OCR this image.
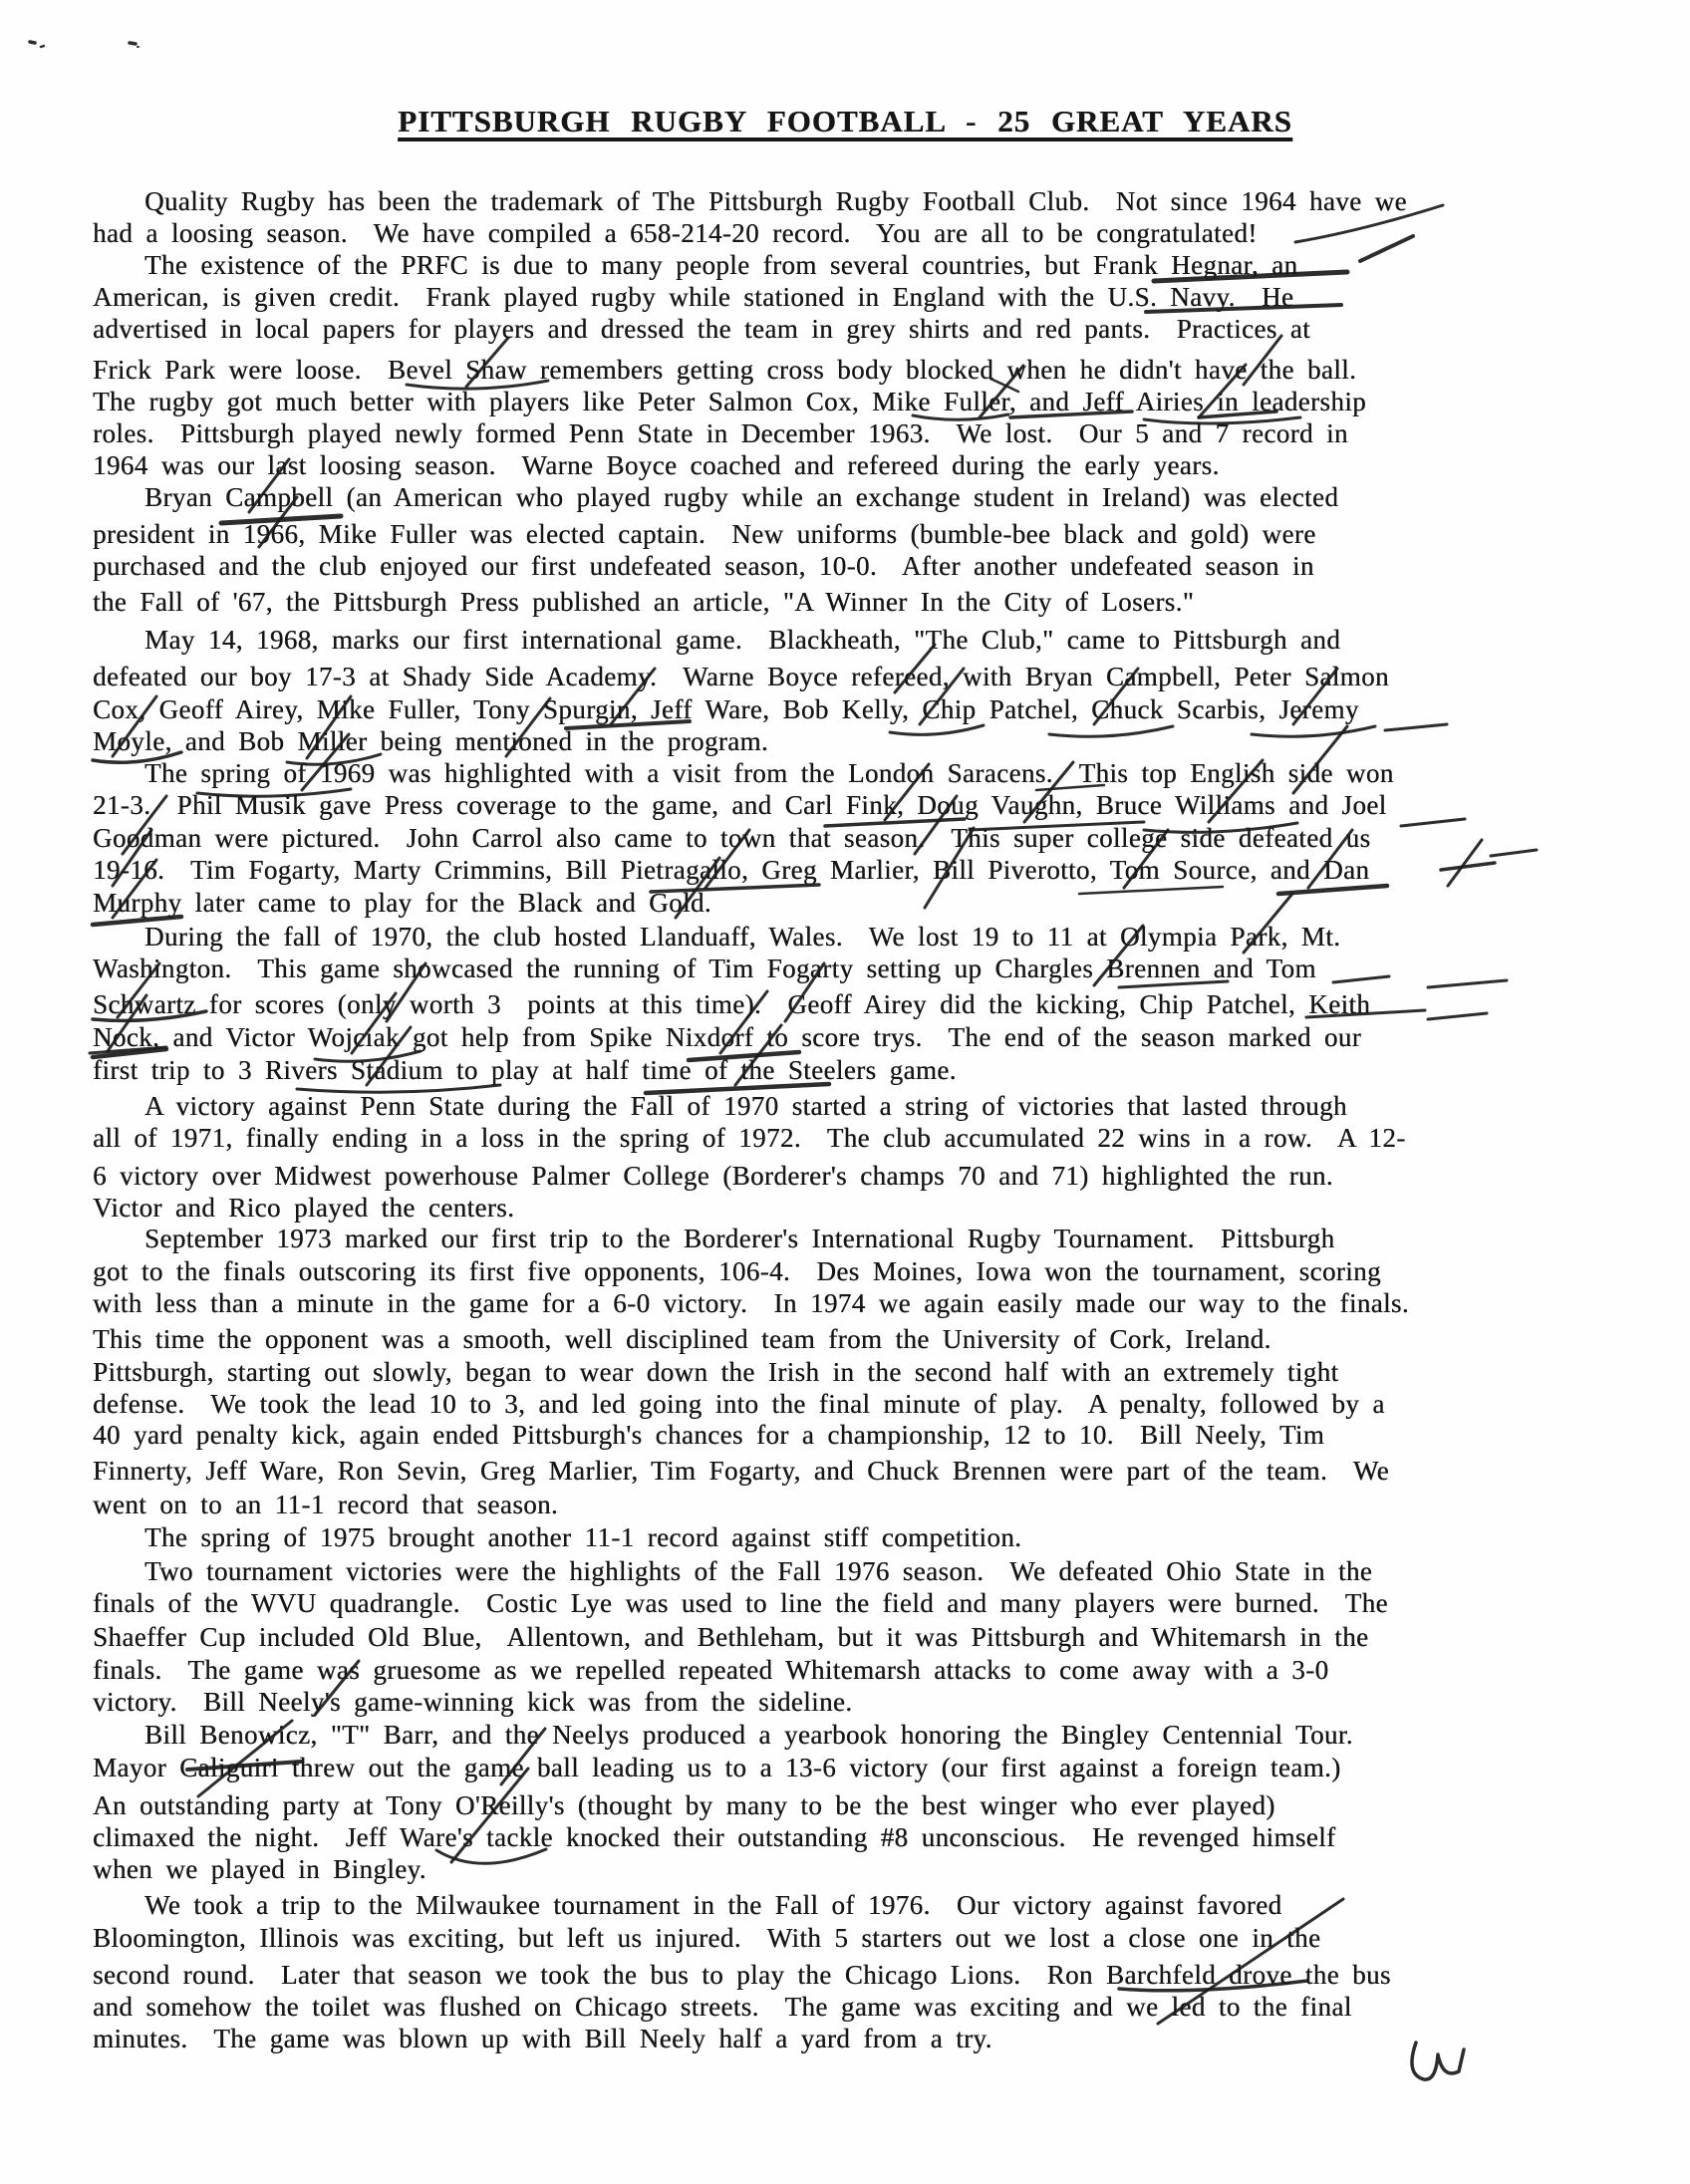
PITTSBURGH RUGBY FOOTBALL - 25 GREAT YEARS
Quality Rugby has been the trademark of The Pittsburgh Rugby Football Club.  Not since 1964 have we
had a loosing season.  We have compiled a 658-214-20 record.  You are all to be congratulated!
The existence of the PRFC is due to many people from several countries, but Frank Hegnar, an
American, is given credit.  Frank played rugby while stationed in England with the U.S. Navy.  He
advertised in local papers for players and dressed the team in grey shirts and red pants.  Practices at
Frick Park were loose.  Bevel Shaw remembers getting cross body blocked when he didn't have the ball.
The rugby got much better with players like Peter Salmon Cox, Mike Fuller, and Jeff Airies in leadership
roles.  Pittsburgh played newly formed Penn State in December 1963.  We lost.  Our 5 and 7 record in
1964 was our last loosing season.  Warne Boyce coached and refereed during the early years.
Bryan Campbell (an American who played rugby while an exchange student in Ireland) was elected
president in 1966, Mike Fuller was elected captain.  New uniforms (bumble-bee black and gold) were
purchased and the club enjoyed our first undefeated season, 10-0.  After another undefeated season in
the Fall of '67, the Pittsburgh Press published an article, "A Winner In the City of Losers."
May 14, 1968, marks our first international game.  Blackheath, "The Club," came to Pittsburgh and
defeated our boy 17-3 at Shady Side Academy.  Warne Boyce refereed, with Bryan Campbell, Peter Salmon
Cox, Geoff Airey, Mike Fuller, Tony Spurgin, Jeff Ware, Bob Kelly, Chip Patchel, Chuck Scarbis, Jeremy
Moyle, and Bob Miller being mentioned in the program.
The spring of 1969 was highlighted with a visit from the London Saracens.  This top English side won
21-3.  Phil Musik gave Press coverage to the game, and Carl Fink, Doug Vaughn, Bruce Williams and Joel
Goodman were pictured.  John Carrol also came to town that season.  This super college side defeated us
19-16.  Tim Fogarty, Marty Crimmins, Bill Pietragallo, Greg Marlier, Bill Piverotto, Tom Source, and Dan
Murphy later came to play for the Black and Gold.
During the fall of 1970, the club hosted Llanduaff, Wales.  We lost 19 to 11 at Olympia Park, Mt.
Washington.  This game showcased the running of Tim Fogarty setting up Chargles Brennen and Tom
Schwartz for scores (only worth 3  points at this time).  Geoff Airey did the kicking, Chip Patchel, Keith
Nock, and Victor Wojciak got help from Spike Nixdorf to score trys.  The end of the season marked our
first trip to 3 Rivers Stadium to play at half time of the Steelers game.
A victory against Penn State during the Fall of 1970 started a string of victories that lasted through
all of 1971, finally ending in a loss in the spring of 1972.  The club accumulated 22 wins in a row.  A 12-
6 victory over Midwest powerhouse Palmer College (Borderer's champs 70 and 71) highlighted the run.
Victor and Rico played the centers.
September 1973 marked our first trip to the Borderer's International Rugby Tournament.  Pittsburgh
got to the finals outscoring its first five opponents, 106-4.  Des Moines, Iowa won the tournament, scoring
with less than a minute in the game for a 6-0 victory.  In 1974 we again easily made our way to the finals.
This time the opponent was a smooth, well disciplined team from the University of Cork, Ireland.
Pittsburgh, starting out slowly, began to wear down the Irish in the second half with an extremely tight
defense.  We took the lead 10 to 3, and led going into the final minute of play.  A penalty, followed by a
40 yard penalty kick, again ended Pittsburgh's chances for a championship, 12 to 10.  Bill Neely, Tim
Finnerty, Jeff Ware, Ron Sevin, Greg Marlier, Tim Fogarty, and Chuck Brennen were part of the team.  We
went on to an 11-1 record that season.
The spring of 1975 brought another 11-1 record against stiff competition.
Two tournament victories were the highlights of the Fall 1976 season.  We defeated Ohio State in the
finals of the WVU quadrangle.  Costic Lye was used to line the field and many players were burned.  The
Shaeffer Cup included Old Blue,  Allentown, and Bethleham, but it was Pittsburgh and Whitemarsh in the
finals.  The game was gruesome as we repelled repeated Whitemarsh attacks to come away with a 3-0
victory.  Bill Neely's game-winning kick was from the sideline.
Bill Benowicz, "T" Barr, and the Neelys produced a yearbook honoring the Bingley Centennial Tour.
Mayor Caliguiri threw out the game ball leading us to a 13-6 victory (our first against a foreign team.)
An outstanding party at Tony O'Reilly's (thought by many to be the best winger who ever played)
climaxed the night.  Jeff Ware's tackle knocked their outstanding #8 unconscious.  He revenged himself
when we played in Bingley.
We took a trip to the Milwaukee tournament in the Fall of 1976.  Our victory against favored
Bloomington, Illinois was exciting, but left us injured.  With 5 starters out we lost a close one in the
second round.  Later that season we took the bus to play the Chicago Lions.  Ron Barchfeld drove the bus
and somehow the toilet was flushed on Chicago streets.  The game was exciting and we led to the final
minutes.  The game was blown up with Bill Neely half a yard from a try.
